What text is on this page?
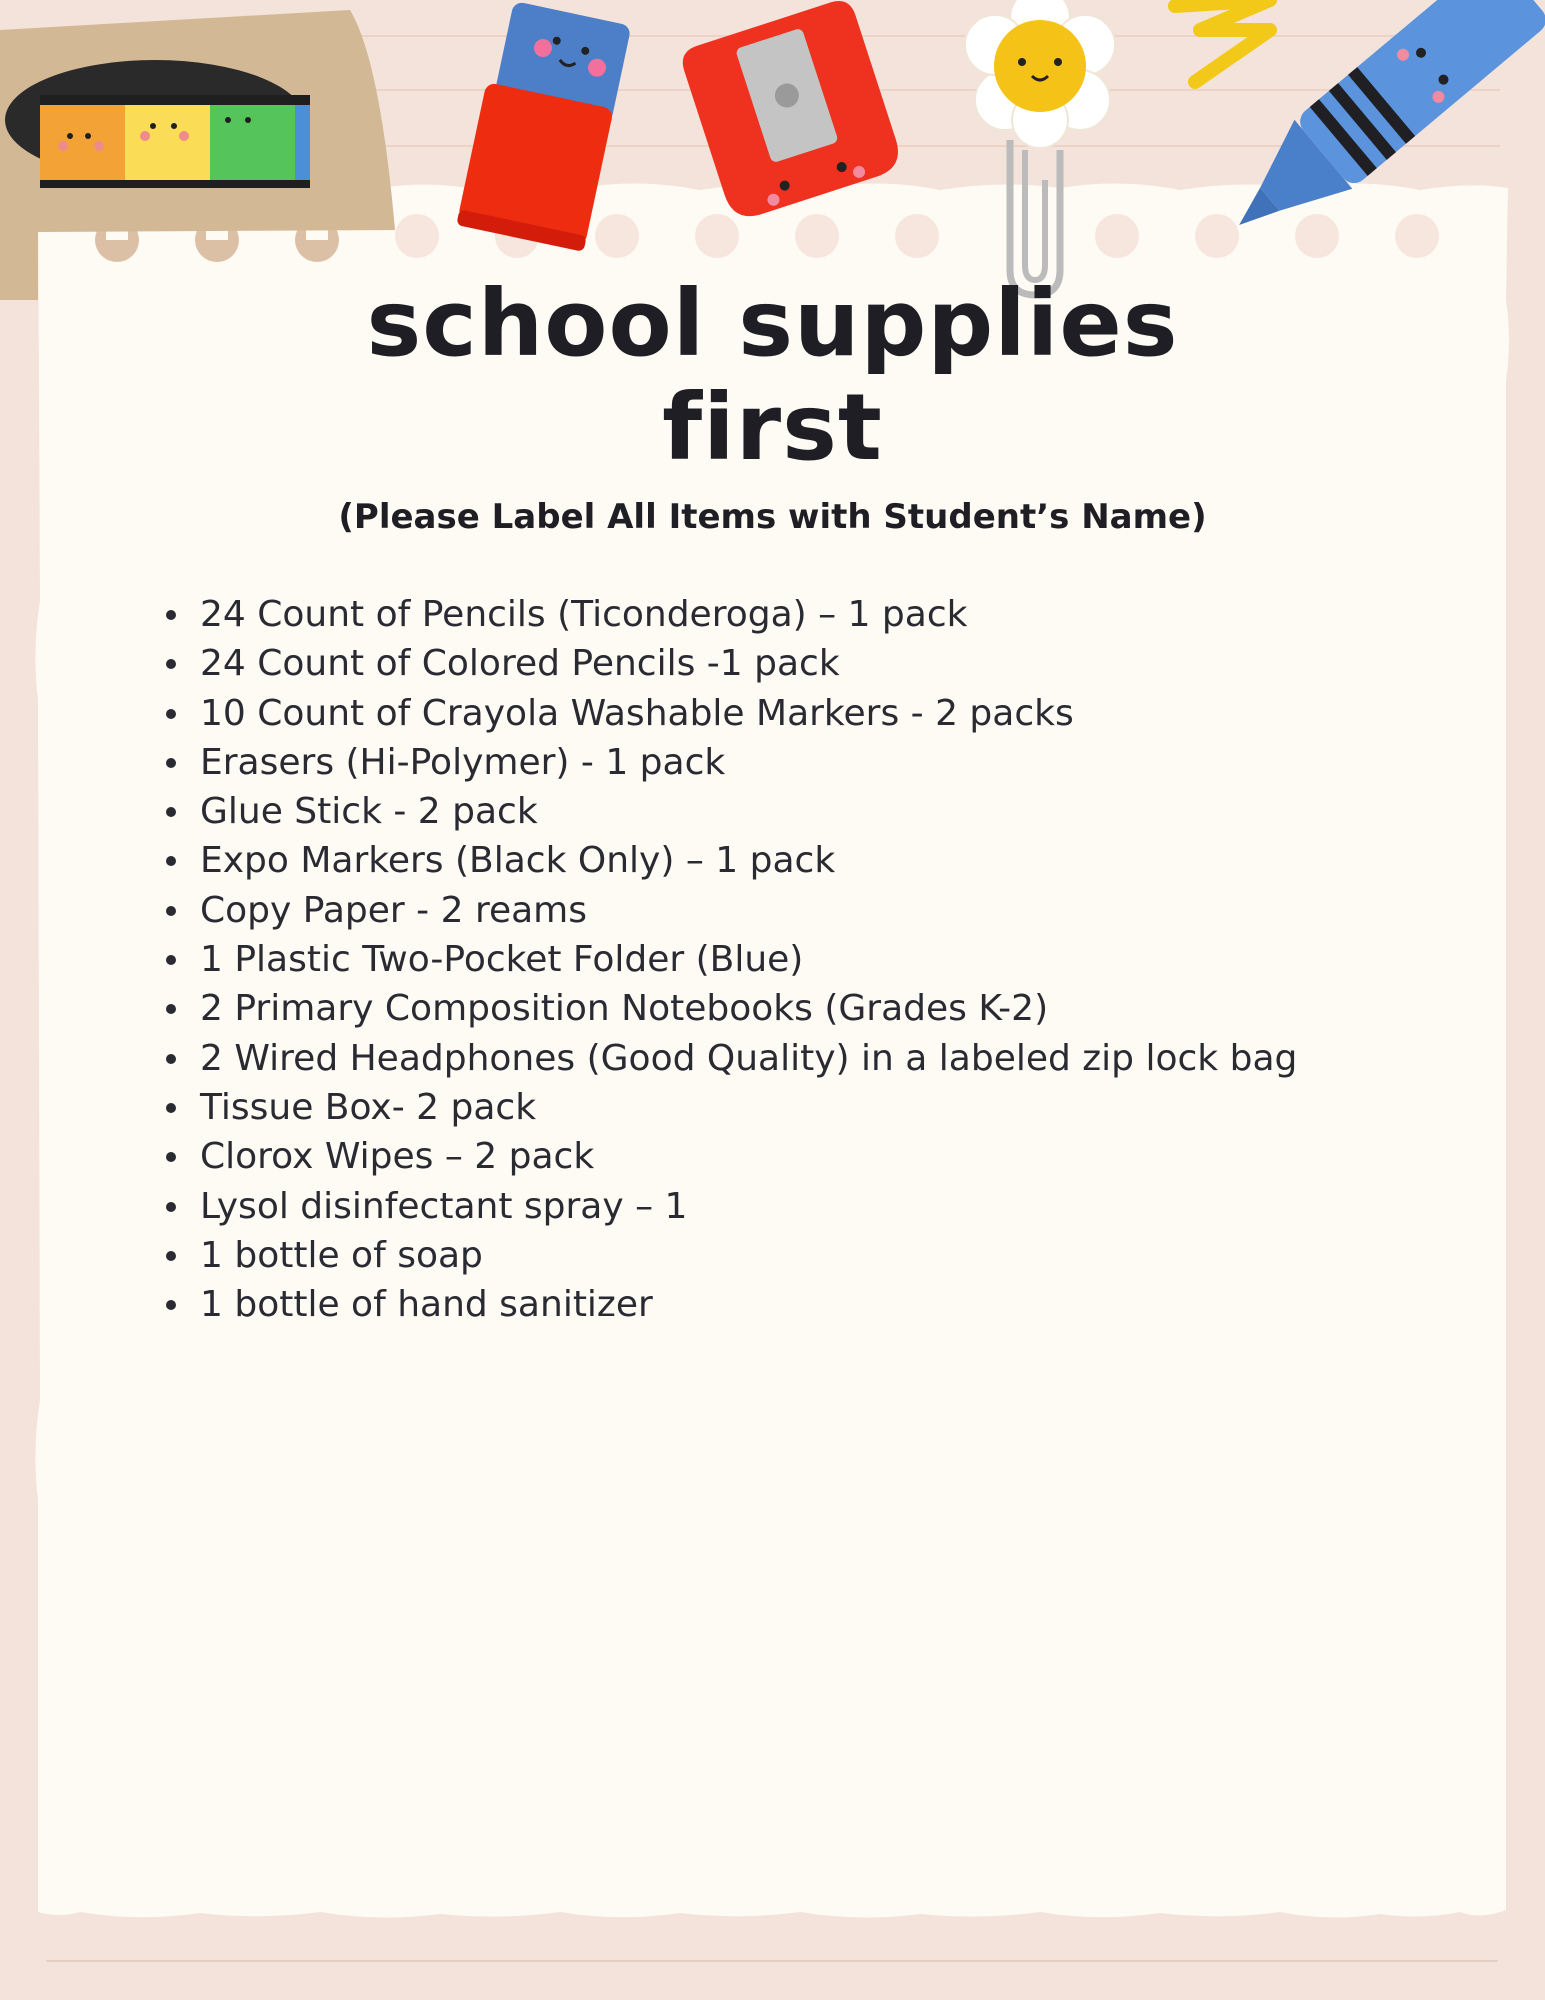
school supplies
first

(Please Label All Items with Student’s Name)

24 Count of Pencils (Ticonderoga) – 1 pack
24 Count of Colored Pencils -1 pack
10 Count of Crayola Washable Markers - 2 packs
Erasers (Hi-Polymer) - 1 pack
Glue Stick - 2 pack
Expo Markers (Black Only) – 1 pack
Copy Paper - 2 reams
1 Plastic Two-Pocket Folder (Blue)
2 Primary Composition Notebooks (Grades K-2)
2 Wired Headphones (Good Quality) in a labeled zip lock bag
Tissue Box- 2 pack
Clorox Wipes – 2 pack
Lysol disinfectant spray – 1
1 bottle of soap
1 bottle of hand sanitizer
